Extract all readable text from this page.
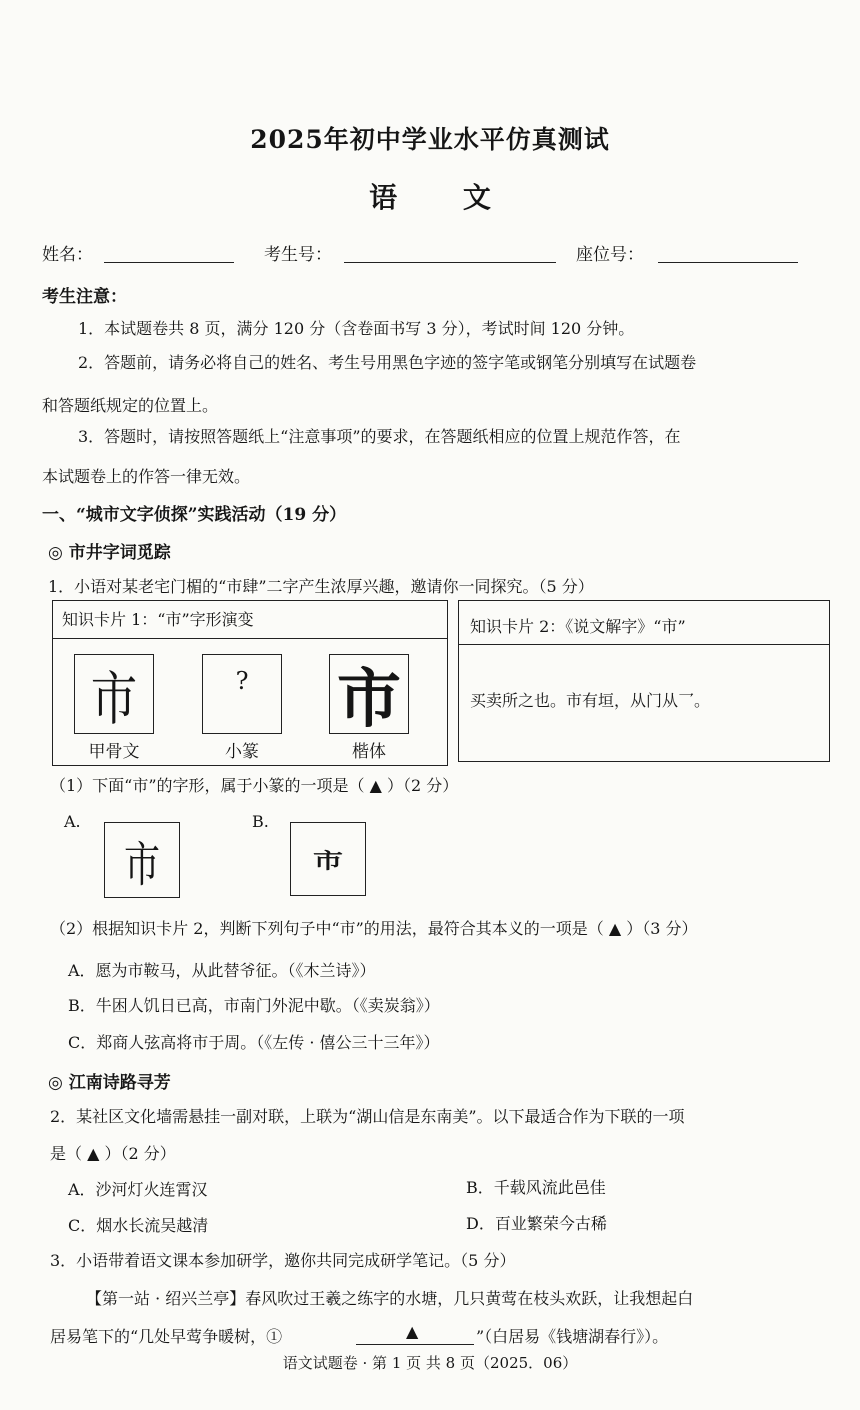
2025年初中学业水平仿真测试
语 文
姓名：	考生号：	座位号：
考生注意：
1．本试题卷共 8 页，满分 120 分（含卷面书写 3 分），考试时间 120 分钟。
2．答题前，请务必将自己的姓名、考生号用黑色字迹的签字笔或钢笔分别填写在试题卷
和答题纸规定的位置上。
3．答题时，请按照答题纸上“注意事项”的要求，在答题纸相应的位置上规范作答，在
本试题卷上的作答一律无效。
一、“城市文字侦探”实践活动（19 分）
◎ 市井字词觅踪
1．小语对某老宅门楣的“市肆”二字产生浓厚兴趣，邀请你一同探究。（5 分）
知识卡片 1：“市”字形演变
市
甲骨文
?
小篆
市
楷体
知识卡片 2：《说文解字》“市”
买卖所之也。市有垣，从门从乛。
（1）下面“市”的字形，属于小篆的一项是（ ▲ ）（2 分）
A.
市
B.
市
（2）根据知识卡片 2，判断下列句子中“市”的用法，最符合其本义的一项是（ ▲ ）（3 分）
A．愿为市鞍马，从此替爷征。（《木兰诗》）
B．牛困人饥日已高，市南门外泥中歇。（《卖炭翁》）
C．郑商人弦高将市于周。（《左传 · 僖公三十三年》）
◎ 江南诗路寻芳
2．某社区文化墙需悬挂一副对联，上联为“湖山信是东南美”。以下最适合作为下联的一项
是（ ▲ ）（2 分）
A．沙河灯火连霄汉	B．千载风流此邑佳
C．烟水长流吴越清	D．百业繁荣今古稀
3．小语带着语文课本参加研学，邀你共同完成研学笔记。（5 分）
【第一站 · 绍兴兰亭】春风吹过王羲之练字的水塘，几只黄莺在枝头欢跃，让我想起白
居易笔下的“几处早莺争暖树，①	▲	”（白居易《钱塘湖春行》）。
语文试题卷 · 第 1 页 共 8 页（2025．06）
